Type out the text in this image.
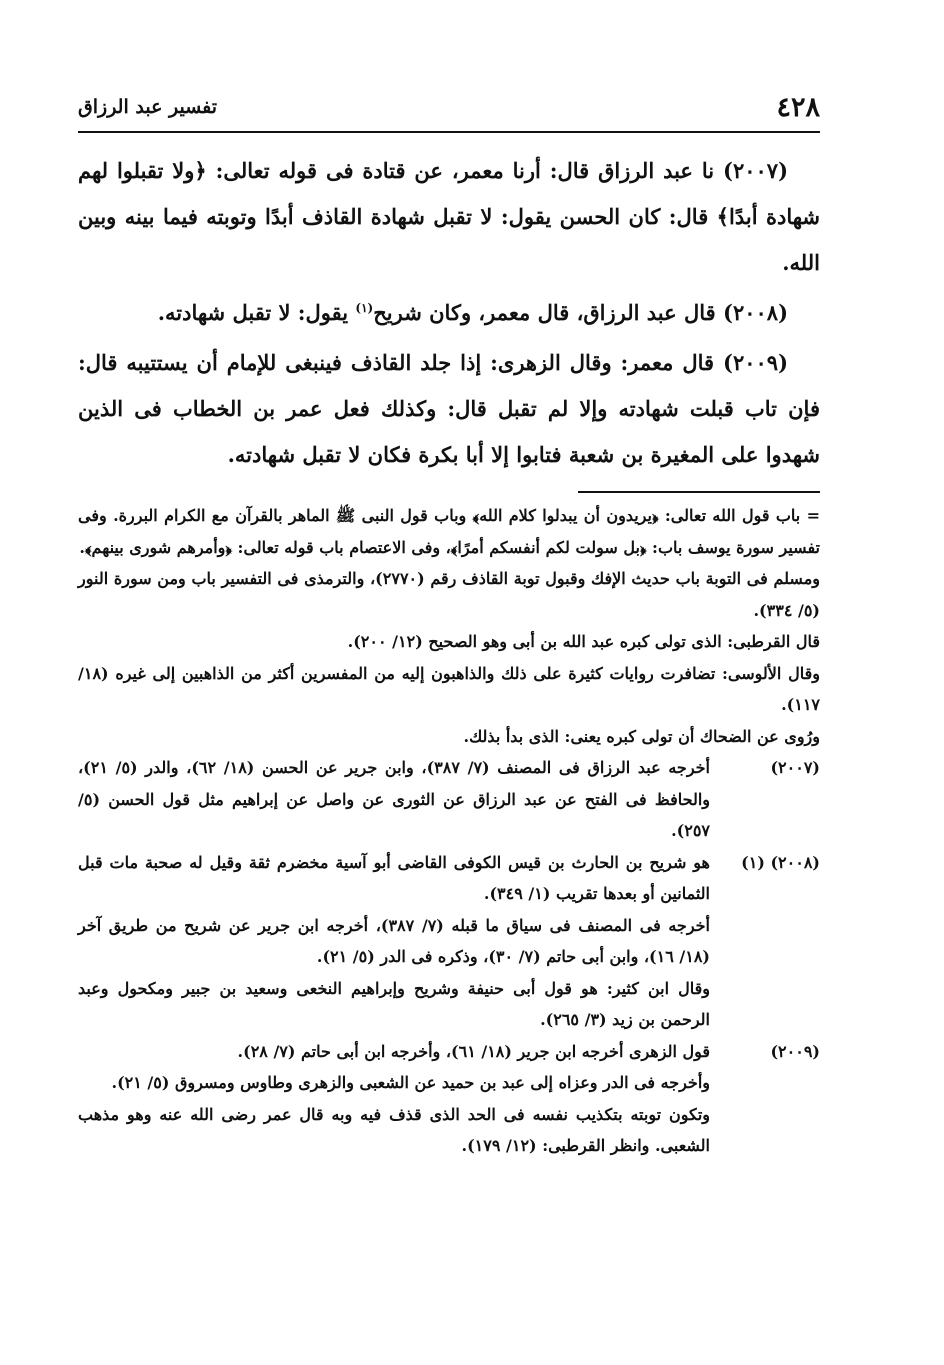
٤٢٨
تفسير عبد الرزاق

(٢٠٠٧) نا عبد الرزاق قال: أرنا معمر، عن قتادة فى قوله تعالى: ﴿ولا تقبلوا لهم شهادة أبدًا﴾ قال: كان الحسن يقول: لا تقبل شهادة القاذف أبدًا وتوبته فيما بينه وبين الله.

(٢٠٠٨) قال عبد الرزاق، قال معمر، وكان شريح$^{(١)}$ يقول: لا تقبل شهادته.

(٢٠٠٩) قال معمر: وقال الزهرى: إذا جلد القاذف فينبغى للإمام أن يستتيبه قال: فإن تاب قبلت شهادته وإلا لم تقبل قال: وكذلك فعل عمر بن الخطاب فى الذين شهدوا على المغيرة بن شعبة فتابوا إلا أبا بكرة فكان لا تقبل شهادته.

= باب قول الله تعالى: ﴿يريدون أن يبدلوا كلام الله﴾ وباب قول النبى ﷺ الماهر بالقرآن مع الكرام البررة. وفى تفسير سورة يوسف باب: ﴿بل سولت لكم أنفسكم أمرًا﴾، وفى الاعتصام باب قوله تعالى: ﴿وأمرهم شورى بينهم﴾.
ومسلم فى التوبة باب حديث الإفك وقبول توبة القاذف رقم (٢٧٧٠)، والترمذى فى التفسير باب ومن سورة النور (٥/ ٣٣٤).
قال القرطبى: الذى تولى كبره عبد الله بن أبى وهو الصحيح (١٢/ ٢٠٠).
وقال الألوسى: تضافرت روايات كثيرة على ذلك والذاهبون إليه من المفسرين أكثر من الذاهبين إلى غيره (١٨/ ١١٧).
ورُوى عن الضحاك أن تولى كبره يعنى: الذى بدأ بذلك.
(٢٠٠٧)
أخرجه عبد الرزاق فى المصنف (٧/ ٣٨٧)، وابن جرير عن الحسن (١٨/ ٦٢)، والدر (٥/ ٢١)، والحافظ فى الفتح عن عبد الرزاق عن الثورى عن واصل عن إبراهيم مثل قول الحسن (٥/ ٢٥٧).
(٢٠٠٨) (١)
هو شريح بن الحارث بن قيس الكوفى القاضى أبو آسية مخضرم ثقة وقيل له صحبة مات قبل الثمانين أو بعدها تقريب (١/ ٣٤٩).
أخرجه فى المصنف فى سياق ما قبله (٧/ ٣٨٧)، أخرجه ابن جرير عن شريح من طريق آخر (١٨/ ١٦)، وابن أبى حاتم (٧/ ٣٠)، وذكره فى الدر (٥/ ٢١).
وقال ابن كثير: هو قول أبى حنيفة وشريح وإبراهيم النخعى وسعيد بن جبير ومكحول وعبد الرحمن بن زيد (٣/ ٢٦٥).
(٢٠٠٩)
قول الزهرى أخرجه ابن جرير (١٨/ ٦١)، وأخرجه ابن أبى حاتم (٧/ ٢٨).
وأخرجه فى الدر وعزاه إلى عبد بن حميد عن الشعبى والزهرى وطاوس ومسروق (٥/ ٢١).
وتكون توبته بتكذيب نفسه فى الحد الذى قذف فيه وبه قال عمر رضى الله عنه وهو مذهب الشعبى. وانظر القرطبى: (١٢/ ١٧٩).
